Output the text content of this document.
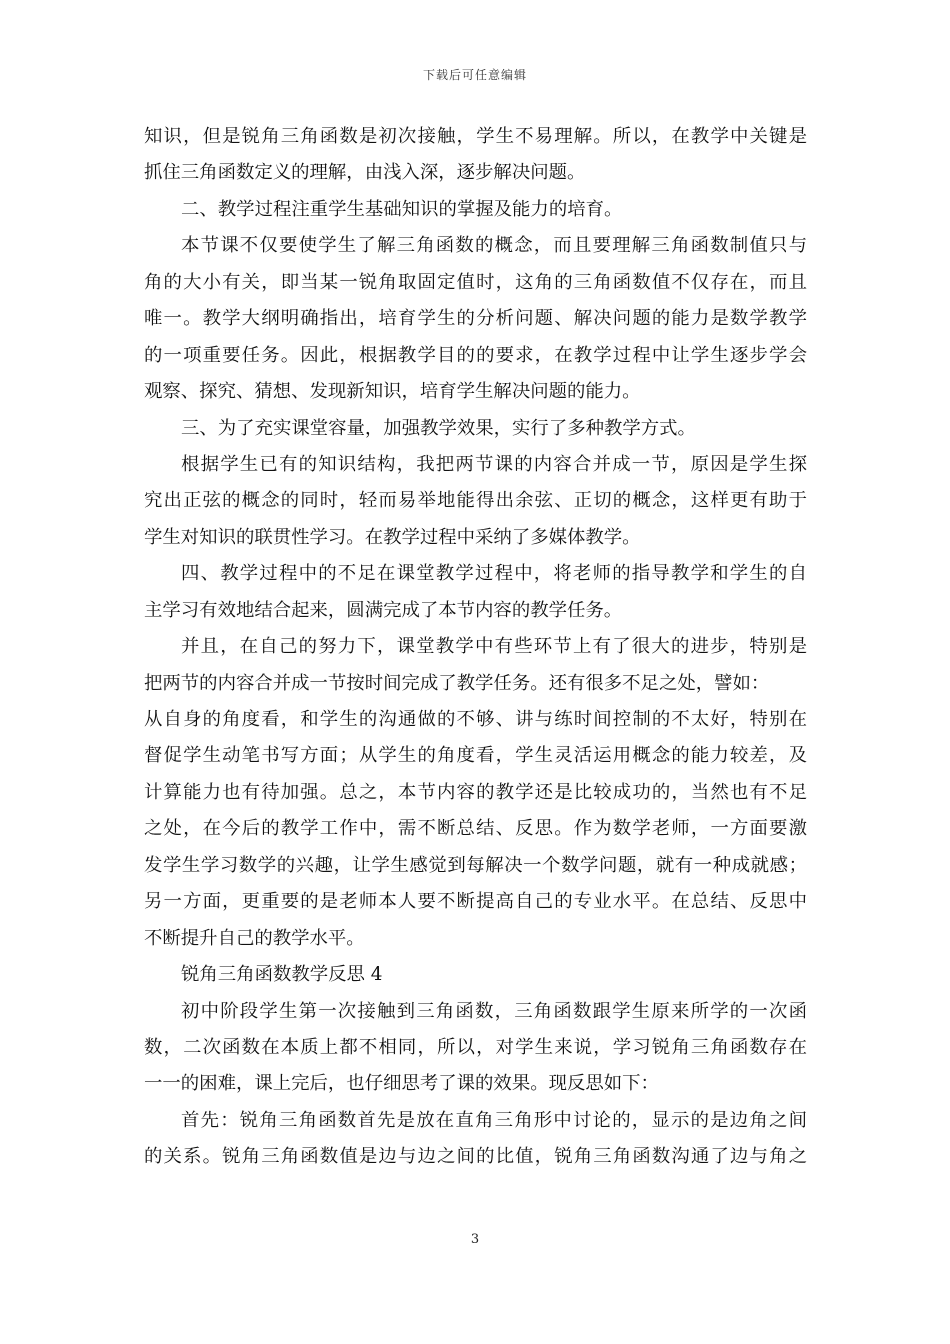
下载后可任意编辑
知识，但是锐角三角函数是初次接触，学生不易理解。所以，在教学中关键是
抓住三角函数定义的理解，由浅入深，逐步解决问题。
二、教学过程注重学生基础知识的掌握及能力的培育。
本节课不仅要使学生了解三角函数的概念，而且要理解三角函数制值只与
角的大小有关，即当某一锐角取固定值时，这角的三角函数值不仅存在，而且
唯一。教学大纲明确指出，培育学生的分析问题、解决问题的能力是数学教学
的一项重要任务。因此，根据教学目的的要求，在教学过程中让学生逐步学会
观察、探究、猜想、发现新知识，培育学生解决问题的能力。
三、为了充实课堂容量，加强教学效果，实行了多种教学方式。
根据学生已有的知识结构，我把两节课的内容合并成一节，原因是学生探
究出正弦的概念的同时，轻而易举地能得出余弦、正切的概念，这样更有助于
学生对知识的联贯性学习。在教学过程中采纳了多媒体教学。
四、教学过程中的不足在课堂教学过程中，将老师的指导教学和学生的自
主学习有效地结合起来，圆满完成了本节内容的教学任务。
并且，在自己的努力下，课堂教学中有些环节上有了很大的进步，特别是
把两节的内容合并成一节按时间完成了教学任务。还有很多不足之处，譬如：
从自身的角度看，和学生的沟通做的不够、讲与练时间控制的不太好，特别在
督促学生动笔书写方面；从学生的角度看，学生灵活运用概念的能力较差，及
计算能力也有待加强。总之，本节内容的教学还是比较成功的，当然也有不足
之处，在今后的教学工作中，需不断总结、反思。作为数学老师，一方面要激
发学生学习数学的兴趣，让学生感觉到每解决一个数学问题，就有一种成就感；
另一方面，更重要的是老师本人要不断提高自己的专业水平。在总结、反思中
不断提升自己的教学水平。
锐角三角函数教学反思 4
初中阶段学生第一次接触到三角函数，三角函数跟学生原来所学的一次函
数，二次函数在本质上都不相同，所以，对学生来说，学习锐角三角函数存在
一一的困难，课上完后，也仔细思考了课的效果。现反思如下：
首先：锐角三角函数首先是放在直角三角形中讨论的，显示的是边角之间
的关系。锐角三角函数值是边与边之间的比值，锐角三角函数沟通了边与角之
3
